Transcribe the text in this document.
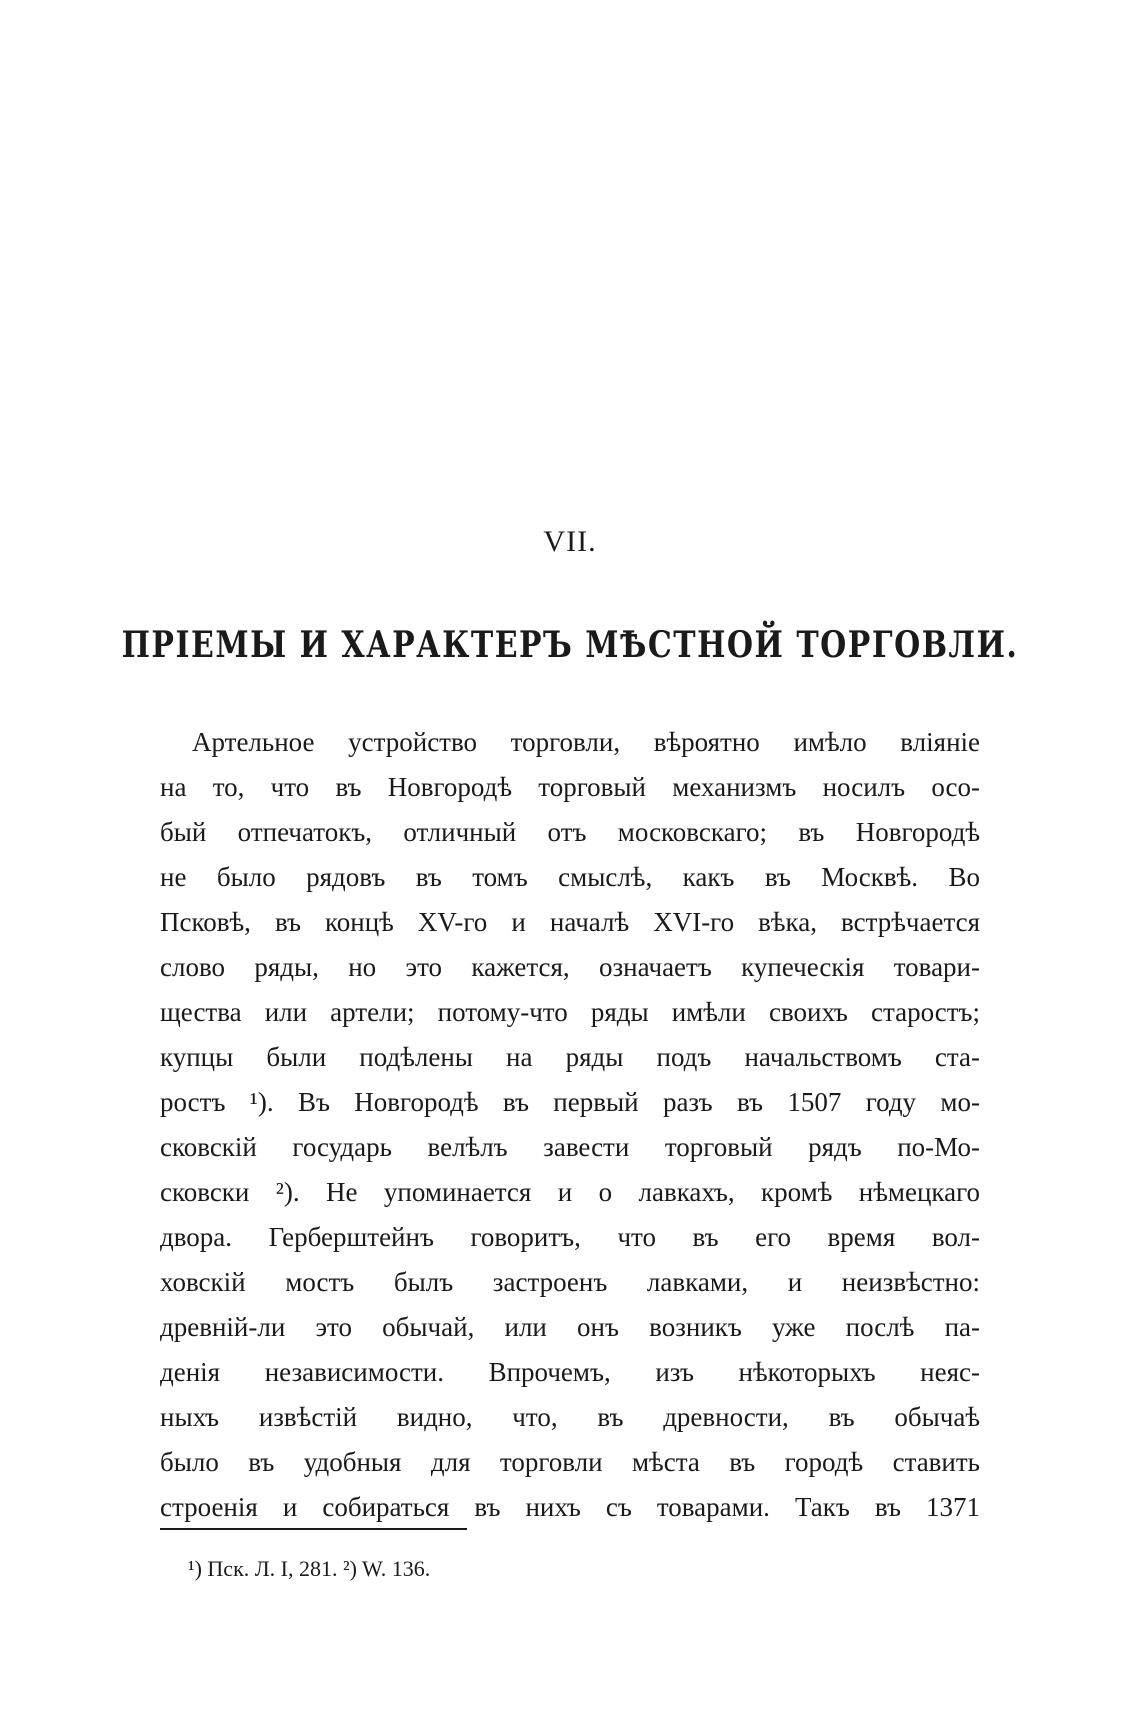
VII.
ПРІЕМЫ И ХАРАКТЕРЪ МѢСТНОЙ ТОРГОВЛИ.
Артельное устройство торговли, вѣроятно имѣло вліяніе
на то, что въ Новгородѣ торговый механизмъ носилъ осо-
бый отпечатокъ, отличный отъ московскаго; въ Новгородѣ
не было рядовъ въ томъ смыслѣ, какъ въ Москвѣ. Во
Псковѣ, въ концѣ XV-го и началѣ XVI-го вѣка, встрѣчается
слово ряды, но это кажется, означаетъ купеческія товари-
щества или артели; потому-что ряды имѣли своихъ старостъ;
купцы были подѣлены на ряды подъ начальствомъ ста-
ростъ ¹). Въ Новгородѣ въ первый разъ въ 1507 году мо-
сковскій государь велѣлъ завести торговый рядъ по-Мо-
сковски ²). Не упоминается и о лавкахъ, кромѣ нѣмецкаго
двора. Герберштейнъ говоритъ, что въ его время вол-
ховскій мостъ былъ застроенъ лавками, и неизвѣстно:
древній-ли это обычай, или онъ возникъ уже послѣ па-
денія независимости. Впрочемъ, изъ нѣкоторыхъ неяс-
ныхъ извѣстій видно, что, въ древности, въ обычаѣ
было въ удобныя для торговли мѣста въ городѣ ставить
строенія и собираться въ нихъ съ товарами. Такъ въ 1371
¹) Пск. Л. I, 281. ²) W. 136.
